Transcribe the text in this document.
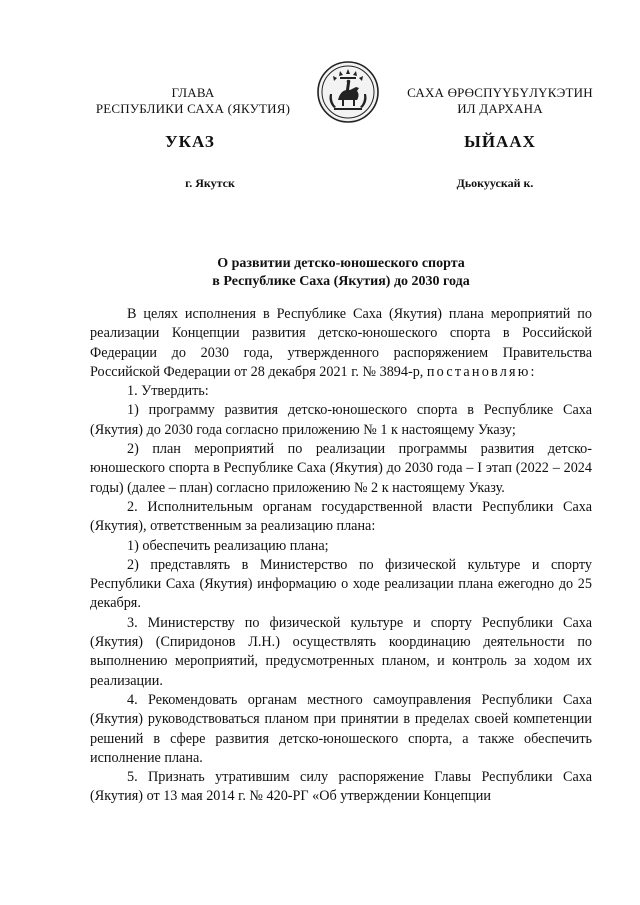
ГЛАВА
РЕСПУБЛИКИ САХА (ЯКУТИЯ)
САХА ӨРӨСПҮҮБҮЛҮКЭТИН
ИЛ ДАРХАНА
УКАЗ	ЫЙААХ
г. Якутск	Дьокуускай к.
О развитии детско-юношеского спорта
в Республике Саха (Якутия) до 2030 года

В целях исполнения в Республике Саха (Якутия) плана мероприятий по реализации Концепции развития детско-юношеского спорта в Российской Федерации до 2030 года, утвержденного распоряжением Правительства Российской Федерации от 28 декабря 2021 г. № 3894-р, постановляю:

1. Утвердить:

1) программу развития детско-юношеского спорта в Республике Саха (Якутия) до 2030 года согласно приложению № 1 к настоящему Указу;

2) план мероприятий по реализации программы развития детско-юношеского спорта в Республике Саха (Якутия) до 2030 года – I этап (2022 – 2024 годы) (далее – план) согласно приложению № 2 к настоящему Указу.

2. Исполнительным органам государственной власти Республики Саха (Якутия), ответственным за реализацию плана:

1) обеспечить реализацию плана;

2) представлять в Министерство по физической культуре и спорту Республики Саха (Якутия) информацию о ходе реализации плана ежегодно до 25 декабря.

3. Министерству по физической культуре и спорту Республики Саха (Якутия) (Спиридонов Л.Н.) осуществлять координацию деятельности по выполнению мероприятий, предусмотренных планом, и контроль за ходом их реализации.

4. Рекомендовать органам местного самоуправления Республики Саха (Якутия) руководствоваться планом при принятии в пределах своей компетенции решений в сфере развития детско-юношеского спорта, а также обеспечить исполнение плана.

5. Признать утратившим силу распоряжение Главы Республики Саха (Якутия) от 13 мая 2014 г. № 420-РГ «Об утверждении Концепции
